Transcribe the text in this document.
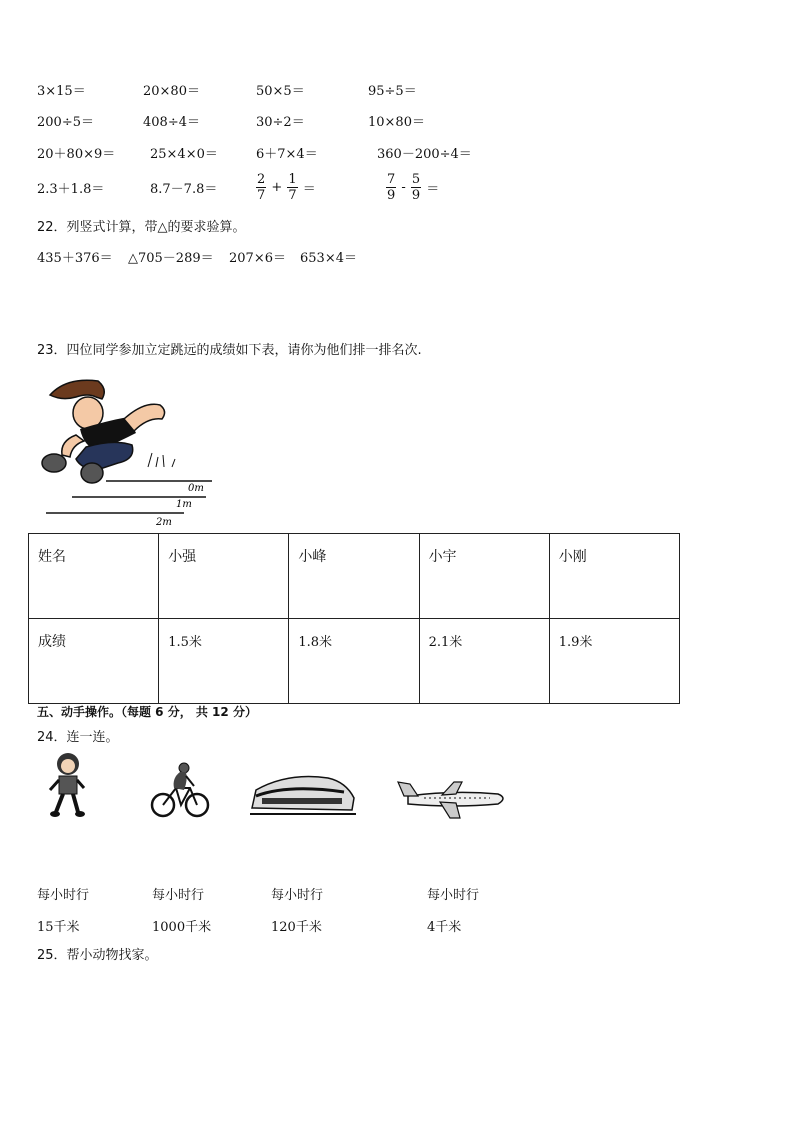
3×15＝	20×80＝	50×5＝	95÷5＝
200÷5＝	408÷4＝	30÷2＝	10×80＝
20＋80×9＝	25×4×0＝	6＋7×4＝	360－200÷4＝
2.3＋1.8＝	8.7－7.8＝	$\frac{2}{7} + \frac{1}{7}$ ＝	$\frac{7}{9} - \frac{5}{9}$ ＝
22．列竖式计算，带△的要求验算。
435＋376＝ △705－289＝ 207×6＝ 653×4＝
23．四位同学参加立定跳远的成绩如下表，请你为他们排一排名次.
0m
1m
2m
姓名	小强	小峰	小宇	小刚
成绩	1.5米	1.8米	2.1米	1.9米
五、动手操作。（每题 6 分， 共 12 分）
24．连一连。
每小时行	每小时行	每小时行	每小时行
15千米	1000千米	120千米	4千米
25．帮小动物找家。
